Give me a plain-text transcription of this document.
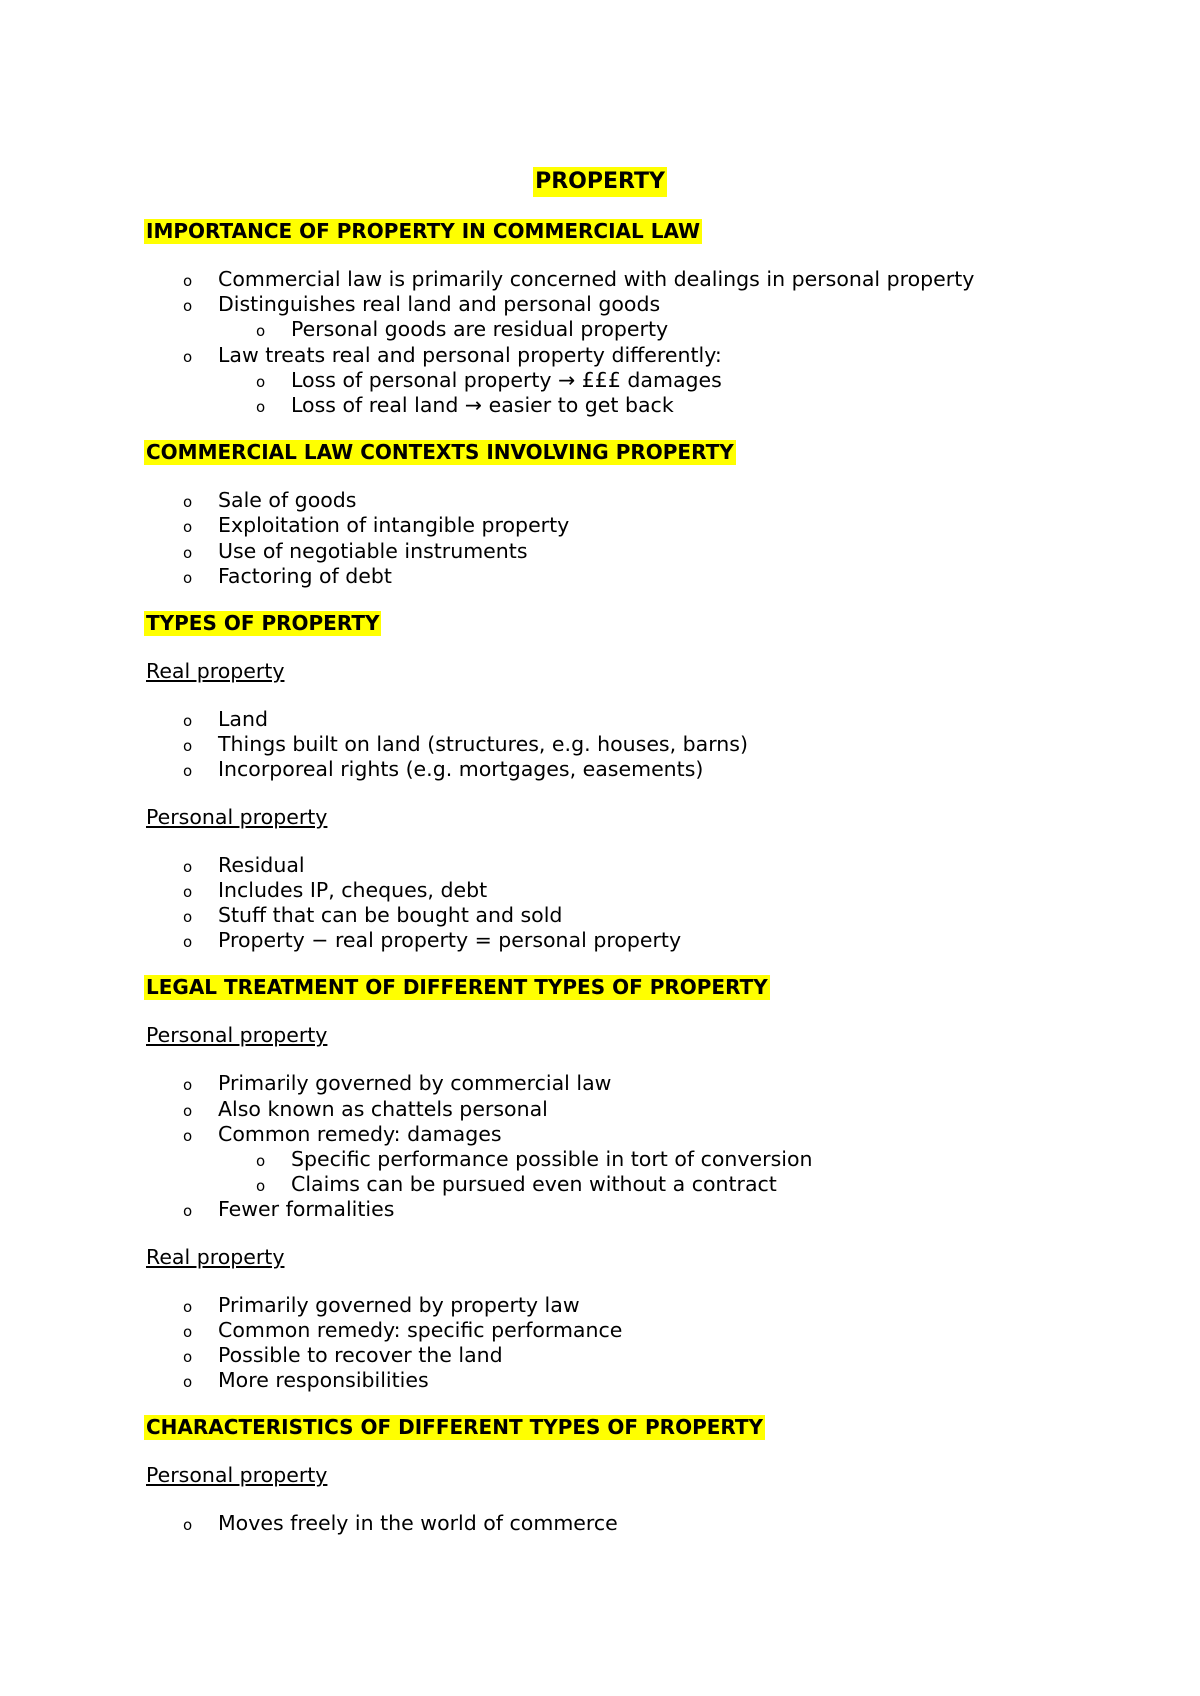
PROPERTY
IMPORTANCE OF PROPERTY IN COMMERCIAL LAW
o Commercial law is primarily concerned with dealings in personal property
o Distinguishes real land and personal goods
o Personal goods are residual property
o Law treats real and personal property differently:
o Loss of personal property → £££ damages
o Loss of real land → easier to get back
COMMERCIAL LAW CONTEXTS INVOLVING PROPERTY
o Sale of goods
o Exploitation of intangible property
o Use of negotiable instruments
o Factoring of debt
TYPES OF PROPERTY
Real property
o Land
o Things built on land (structures, e.g. houses, barns)
o Incorporeal rights (e.g. mortgages, easements)
Personal property
o Residual
o Includes IP, cheques, debt
o Stuff that can be bought and sold
o Property − real property = personal property
LEGAL TREATMENT OF DIFFERENT TYPES OF PROPERTY
Personal property
o Primarily governed by commercial law
o Also known as chattels personal
o Common remedy: damages
o Specific performance possible in tort of conversion
o Claims can be pursued even without a contract
o Fewer formalities
Real property
o Primarily governed by property law
o Common remedy: specific performance
o Possible to recover the land
o More responsibilities
CHARACTERISTICS OF DIFFERENT TYPES OF PROPERTY
Personal property
o Moves freely in the world of commerce
